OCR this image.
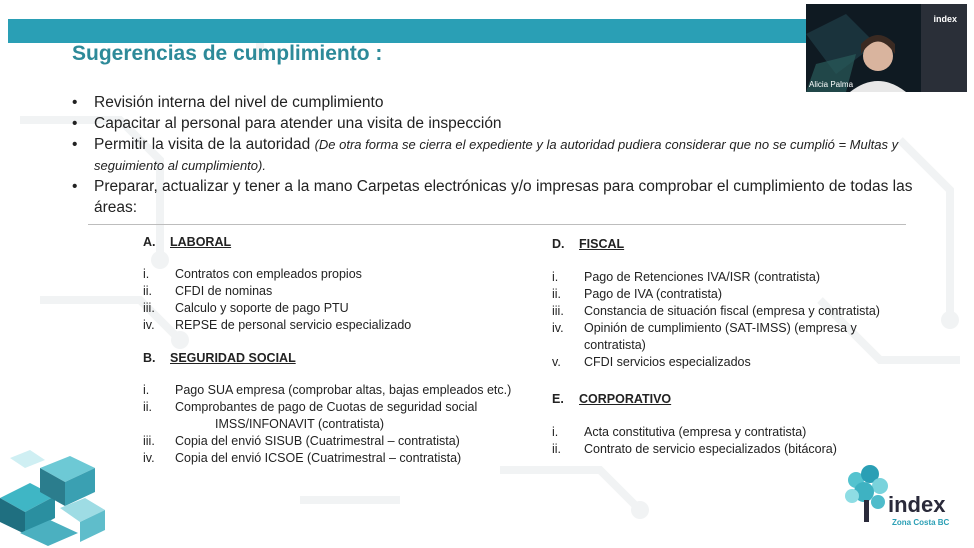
Sugerencias de cumplimiento :
• Revisión interna del nivel de cumplimiento
• Capacitar al personal para atender una visita de inspección
• Permitir la visita de la autoridad (De otra forma se cierra el expediente y la autoridad pudiera considerar que no se cumplió = Multas y seguimiento al cumplimiento).
• Preparar, actualizar y tener a la mano Carpetas electrónicas y/o impresas para comprobar el cumplimiento de todas las áreas:
A.	LABORAL
i.	Contratos con empleados propios
ii.	CFDI de nominas
iii.	Calculo y soporte de pago PTU
iv.	REPSE de personal servicio especializado
B.	SEGURIDAD SOCIAL
i.	Pago SUA empresa (comprobar altas, bajas empleados etc.)
ii.	Comprobantes de pago de Cuotas de seguridad social
IMSS/INFONAVIT (contratista)
iii.	Copia del envió SISUB (Cuatrimestral – contratista)
iv.	Copia del envió ICSOE (Cuatrimestral – contratista)
D.	FISCAL
i.	Pago de Retenciones IVA/ISR (contratista)
ii.	Pago de IVA (contratista)
iii.	Constancia de situación fiscal (empresa y contratista)
iv.	Opinión de cumplimiento (SAT-IMSS) (empresa y contratista)
v.	CFDI servicios especializados
E.	CORPORATIVO
i.	Acta constitutiva (empresa y contratista)
ii.	Contrato de servicio especializados (bitácora)
index
Alicia Palma
index
Zona Costa BC
